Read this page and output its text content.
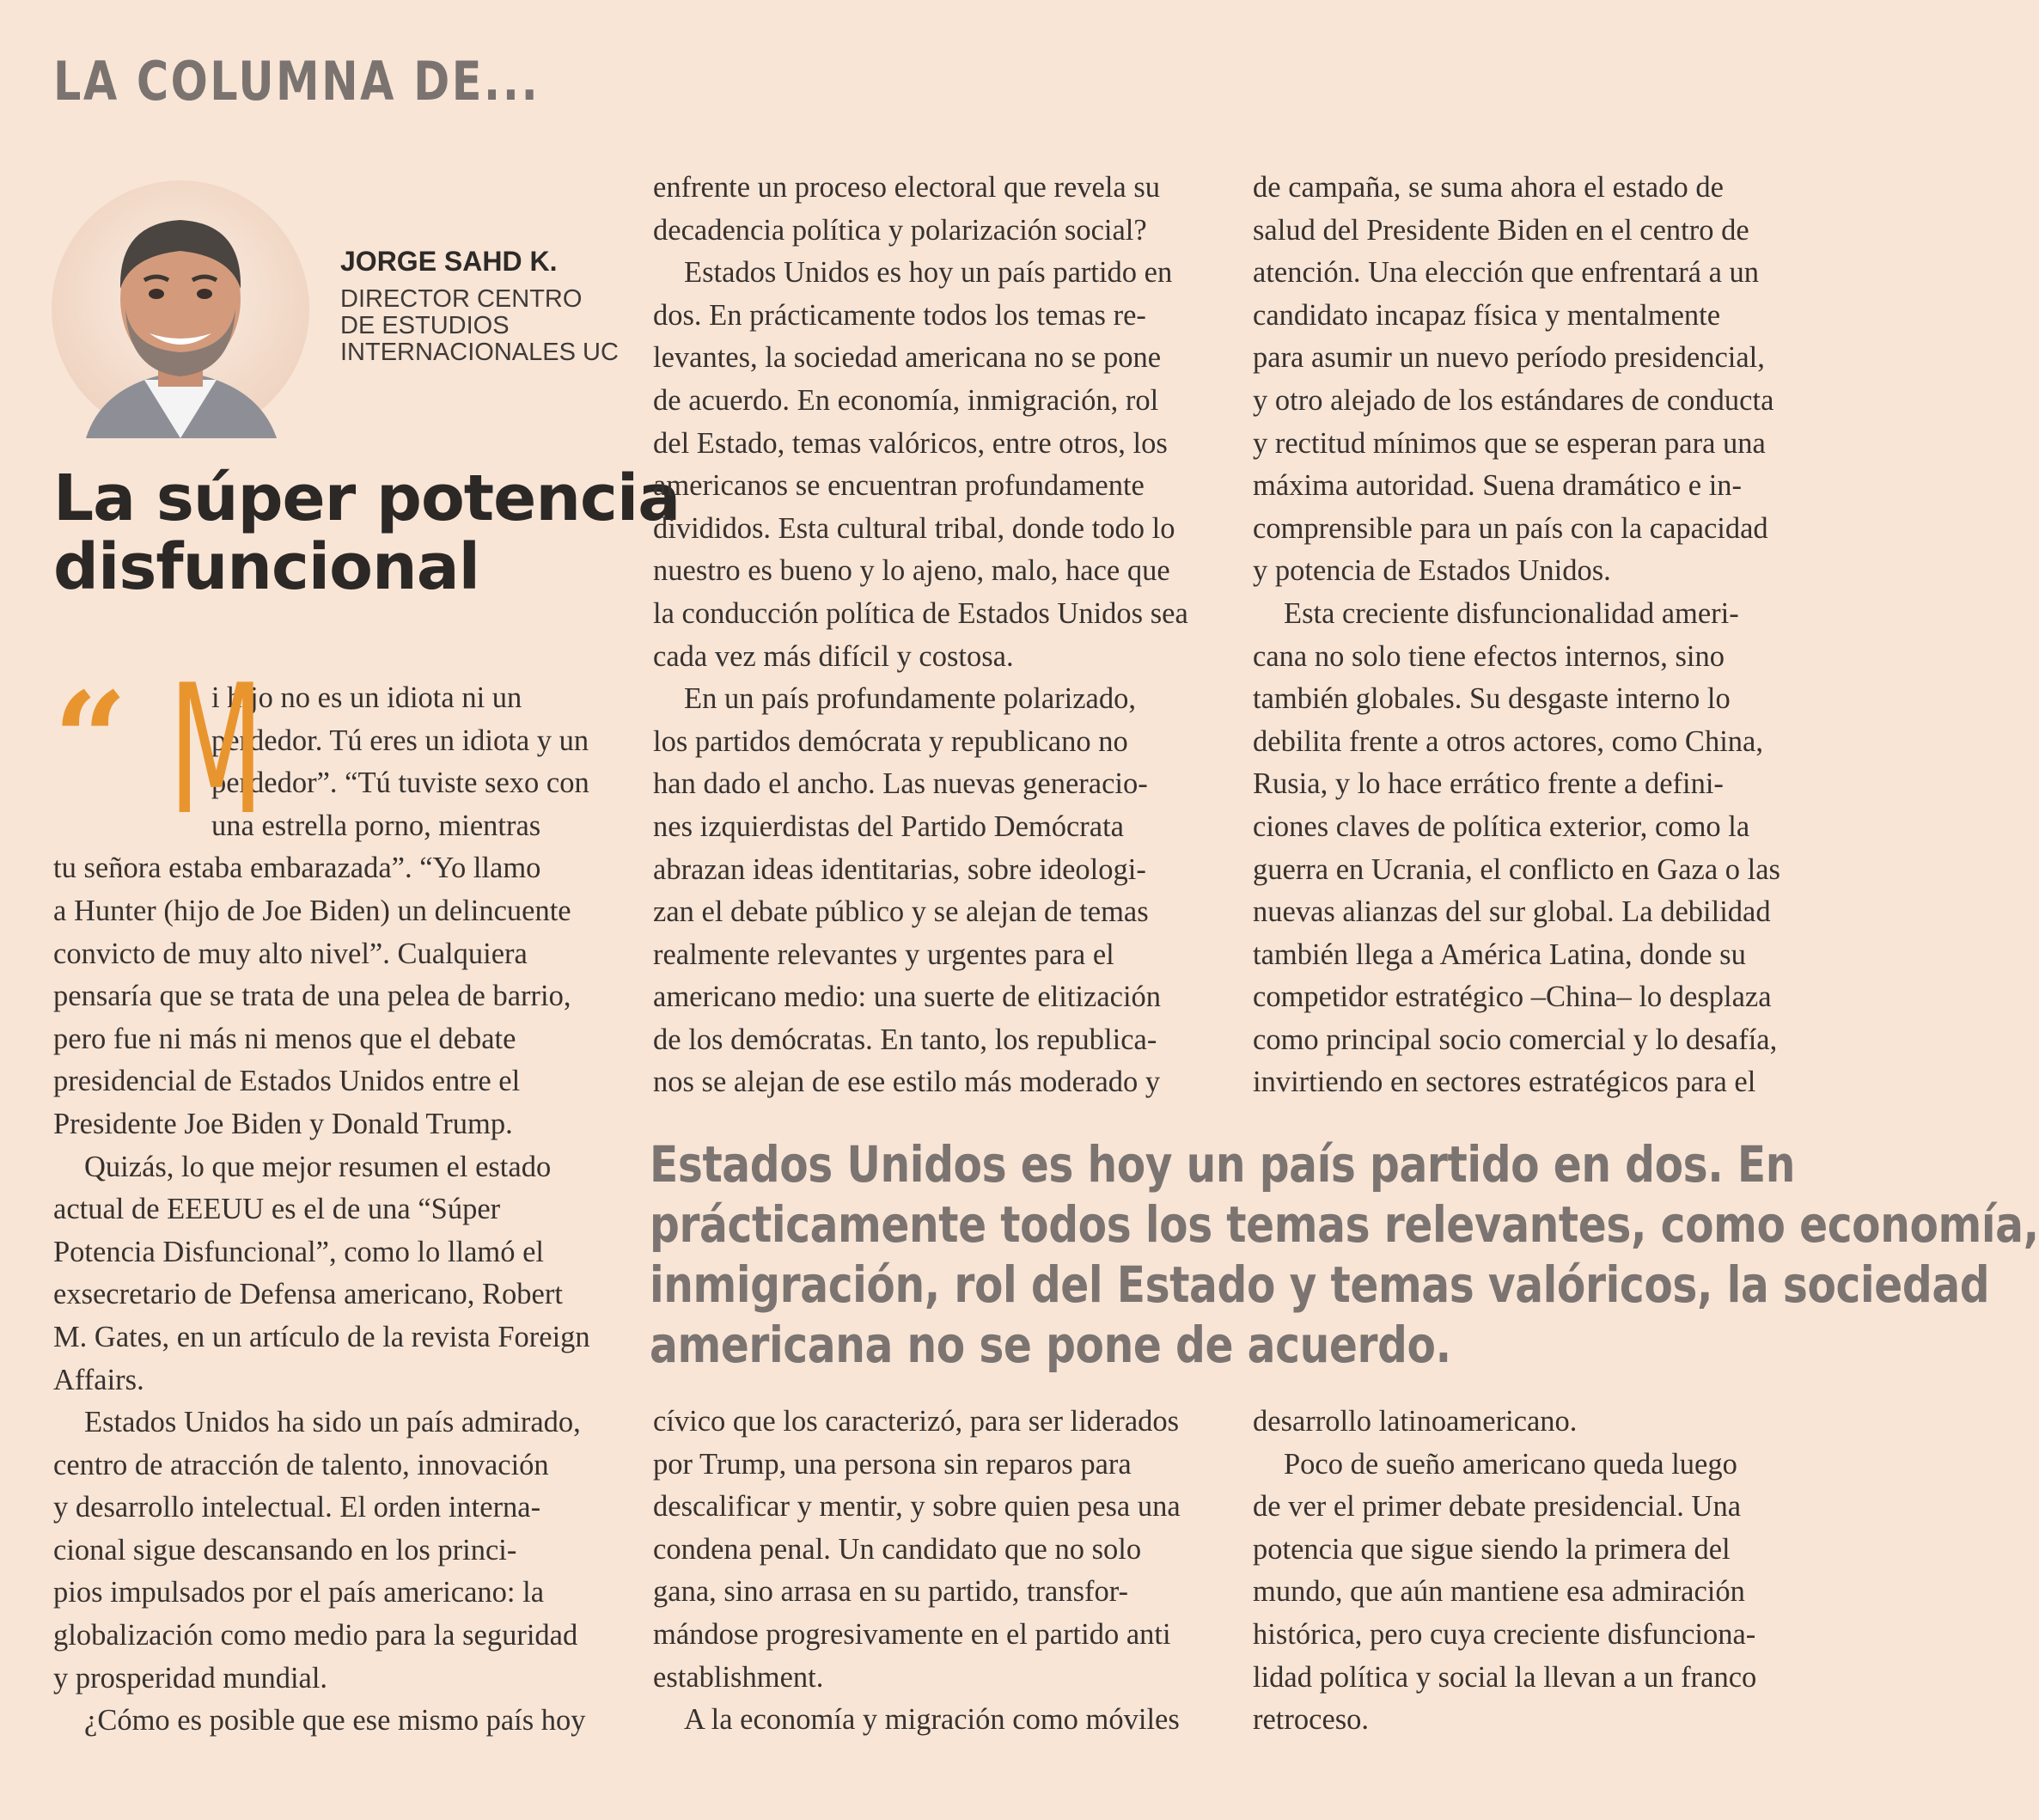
LA COLUMNA DE...
JORGE SAHD K.
DIRECTOR CENTRO
DE ESTUDIOS
INTERNACIONALES UC
La súper potencia
disfuncional
“ M

i hijo no es un idiota ni un

perdedor. Tú eres un idiota y un

perdedor”. “Tú tuviste sexo con

una estrella porno, mientras

tu señora estaba embarazada”. “Yo llamo

a Hunter (hijo de Joe Biden) un delincuente

convicto de muy alto nivel”. Cualquiera

pensaría que se trata de una pelea de barrio,

pero fue ni más ni menos que el debate

presidencial de Estados Unidos entre el

Presidente Joe Biden y Donald Trump.

Quizás, lo que mejor resumen el estado

actual de EEEUU es el de una “Súper

Potencia Disfuncional”, como lo llamó el

exsecretario de Defensa americano, Robert

M. Gates, en un artículo de la revista Foreign

Affairs.

Estados Unidos ha sido un país admirado,

centro de atracción de talento, innovación

y desarrollo intelectual. El orden interna-

cional sigue descansando en los princi-

pios impulsados por el país americano: la

globalización como medio para la seguridad

y prosperidad mundial.

¿Cómo es posible que ese mismo país hoy

enfrente un proceso electoral que revela su

decadencia política y polarización social?

Estados Unidos es hoy un país partido en

dos. En prácticamente todos los temas re-

levantes, la sociedad americana no se pone

de acuerdo. En economía, inmigración, rol

del Estado, temas valóricos, entre otros, los

americanos se encuentran profundamente

divididos. Esta cultural tribal, donde todo lo

nuestro es bueno y lo ajeno, malo, hace que

la conducción política de Estados Unidos sea

cada vez más difícil y costosa.

En un país profundamente polarizado,

los partidos demócrata y republicano no

han dado el ancho. Las nuevas generacio-

nes izquierdistas del Partido Demócrata

abrazan ideas identitarias, sobre ideologi-

zan el debate público y se alejan de temas

realmente relevantes y urgentes para el

americano medio: una suerte de elitización

de los demócratas. En tanto, los republica-

nos se alejan de ese estilo más moderado y

de campaña, se suma ahora el estado de

salud del Presidente Biden en el centro de

atención. Una elección que enfrentará a un

candidato incapaz física y mentalmente

para asumir un nuevo período presidencial,

y otro alejado de los estándares de conducta

y rectitud mínimos que se esperan para una

máxima autoridad. Suena dramático e in-

comprensible para un país con la capacidad

y potencia de Estados Unidos.

Esta creciente disfuncionalidad ameri-

cana no solo tiene efectos internos, sino

también globales. Su desgaste interno lo

debilita frente a otros actores, como China,

Rusia, y lo hace errático frente a defini-

ciones claves de política exterior, como la

guerra en Ucrania, el conflicto en Gaza o las

nuevas alianzas del sur global. La debilidad

también llega a América Latina, donde su

competidor estratégico –China– lo desplaza

como principal socio comercial y lo desafía,

invirtiendo en sectores estratégicos para el

Estados Unidos es hoy un país partido en dos. En
prácticamente todos los temas relevantes, como economía,
inmigración, rol del Estado y temas valóricos, la sociedad
americana no se pone de acuerdo.

cívico que los caracterizó, para ser liderados

por Trump, una persona sin reparos para

descalificar y mentir, y sobre quien pesa una

condena penal. Un candidato que no solo

gana, sino arrasa en su partido, transfor-

mándose progresivamente en el partido anti

establishment.

A la economía y migración como móviles

desarrollo latinoamericano.

Poco de sueño americano queda luego

de ver el primer debate presidencial. Una

potencia que sigue siendo la primera del

mundo, que aún mantiene esa admiración

histórica, pero cuya creciente disfunciona-

lidad política y social la llevan a un franco

retroceso.
